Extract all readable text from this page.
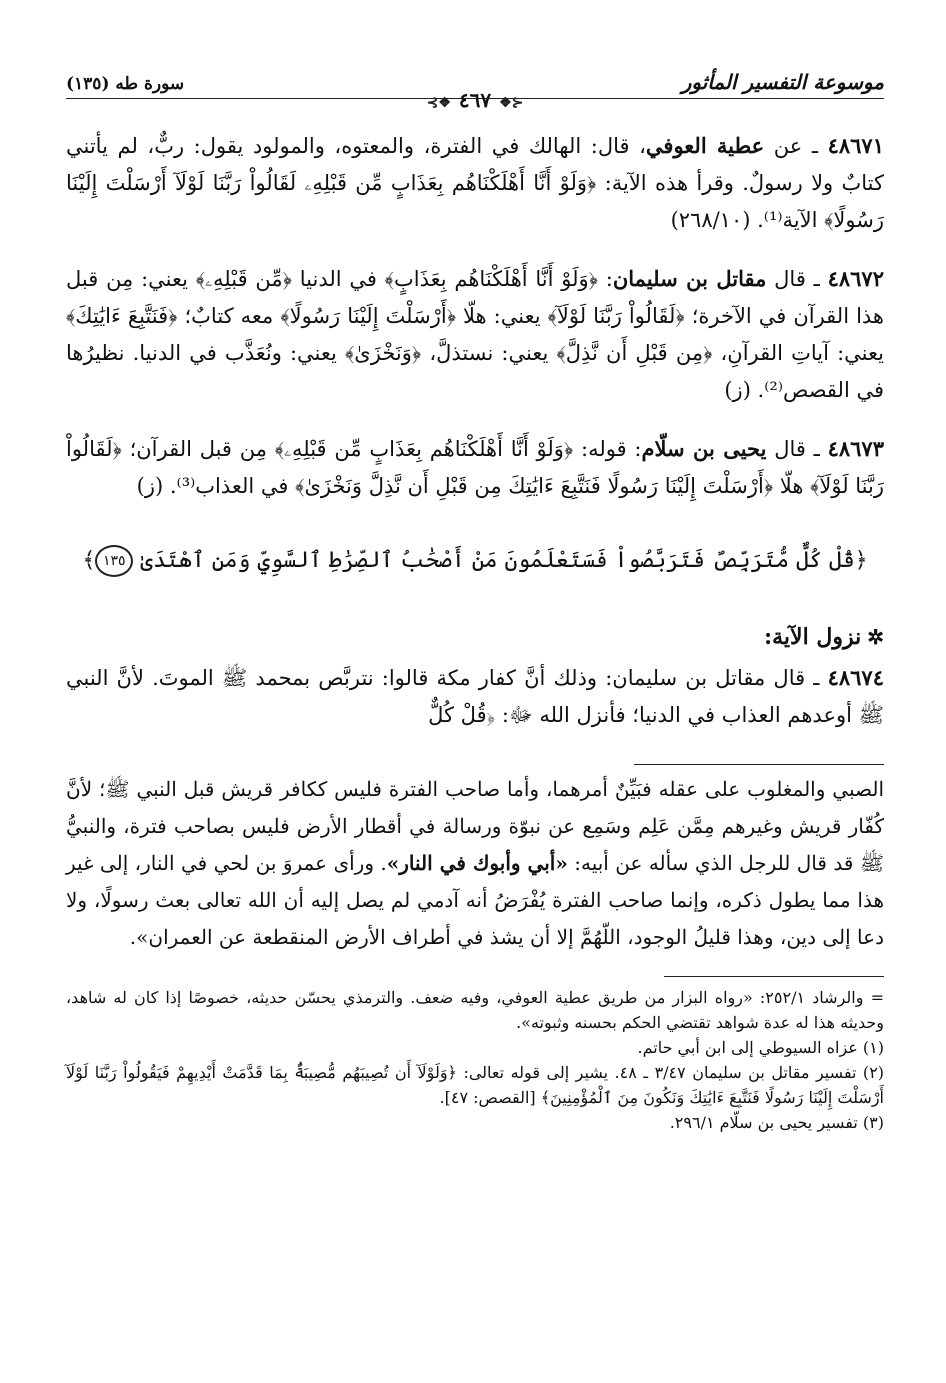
موسوعة التفسير المأثور
⊰❖٤٦٧❖⊱
سورة طه (١٣٥)

٤٨٦٧١ ـ عن عطية العوفي، قال: الهالك في الفترة، والمعتوه، والمولود يقول: ربٌّ، لم يأتني كتابٌ ولا رسولٌ. وقرأ هذه الآية: ﴿وَلَوْ أَنَّا أَهْلَكْنَاهُم بِعَذَابٍ مِّن قَبْلِهِۦ لَقَالُواْ رَبَّنَا لَوْلَآ أَرْسَلْتَ إِلَيْنَا رَسُولًا﴾ الآية⁽¹⁾. (٢٦٨/١٠)

٤٨٦٧٢ ـ قال مقاتل بن سليمان: ﴿وَلَوْ أَنَّا أَهْلَكْنَاهُم بِعَذَابٍ﴾ في الدنيا ﴿مِّن قَبْلِهِۦ﴾ يعني: مِن قبل هذا القرآن في الآخرة؛ ﴿لَقَالُواْ رَبَّنَا لَوْلَآ﴾ يعني: هلّا ﴿أَرْسَلْتَ إِلَيْنَا رَسُولًا﴾ معه كتابٌ؛ ﴿فَنَتَّبِعَ ءَايَٰتِكَ﴾ يعني: آياتِ القرآنِ، ﴿مِن قَبْلِ أَن نَّذِلَّ﴾ يعني: نستذلَّ، ﴿وَنَخْزَىٰ﴾ يعني: ونُعَذَّب في الدنيا. نظيرُها في القصص⁽²⁾. (ز)

٤٨٦٧٣ ـ قال يحيى بن سلّام: قوله: ﴿وَلَوْ أَنَّا أَهْلَكْنَاهُم بِعَذَابٍ مِّن قَبْلِهِۦ﴾ مِن قبل القرآن؛ ﴿لَقَالُواْ رَبَّنَا لَوْلَآ﴾ هلّا ﴿أَرْسَلْتَ إِلَيْنَا رَسُولًا فَنَتَّبِعَ ءَايَٰتِكَ مِن قَبْلِ أَن نَّذِلَّ وَنَخْزَىٰ﴾ في العذاب⁽³⁾. (ز)

﴿قُلْ كُلٌّ مُّتَرَبِّصٌ فَتَرَبَّصُواْ فَسَتَعْلَمُونَ مَنْ أَصْحَٰبُ ٱلصِّرَٰطِ ٱلسَّوِيِّ وَمَنِ ٱهْتَدَىٰ ١٣٥﴾
✲نزول الآية:

٤٨٦٧٤ ـ قال مقاتل بن سليمان: وذلك أنَّ كفار مكة قالوا: نتربَّص بمحمد ﷺ الموتَ. لأنَّ النبي ﷺ أوعدهم العذاب في الدنيا؛ فأنزل الله ﷻ: ﴿قُلْ كُلٌّ

الصبي والمغلوب على عقله فبَيِّنٌ أمرهما، وأما صاحب الفترة فليس ككافر قريش قبل النبي ﷺ؛ لأنَّ كُفّار قريش وغيرهم مِمَّن عَلِم وسَمِع عن نبوّة ورسالة في أقطار الأرض فليس بصاحب فترة، والنبيُّ ﷺ قد قال للرجل الذي سأله عن أبيه: «أبي وأبوك في النار». ورأى عمروَ بن لحي في النار، إلى غير هذا مما يطول ذكره، وإنما صاحب الفترة يُفْرَضُ أنه آدمي لم يصل إليه أن الله تعالى بعث رسولًا، ولا دعا إلى دين، وهذا قليلُ الوجود، اللّهُمَّ إلا أن يشذ في أطراف الأرض المنقطعة عن العمران».

= والرشاد ٢٥٢/١: «رواه البزار من طريق عطية العوفي، وفيه ضعف. والترمذي يحسّن حديثه، خصوصًا إذا كان له شاهد، وحديثه هذا له عدة شواهد تقتضي الحكم بحسنه وثبوته».

(١) عزاه السيوطي إلى ابن أبي حاتم.

(٢) تفسير مقاتل بن سليمان ٣/٤٧ ـ ٤٨. يشير إلى قوله تعالى: ﴿وَلَوْلَآ أَن تُصِيبَهُم مُّصِيبَةٌۢ بِمَا قَدَّمَتْ أَيْدِيهِمْ فَيَقُولُواْ رَبَّنَا لَوْلَآ أَرْسَلْتَ إِلَيْنَا رَسُولًا فَنَتَّبِعَ ءَايَٰتِكَ وَنَكُونَ مِنَ ٱلْمُؤْمِنِينَ﴾ [القصص: ٤٧].

(٣) تفسير يحيى بن سلّام ٢٩٦/١.
